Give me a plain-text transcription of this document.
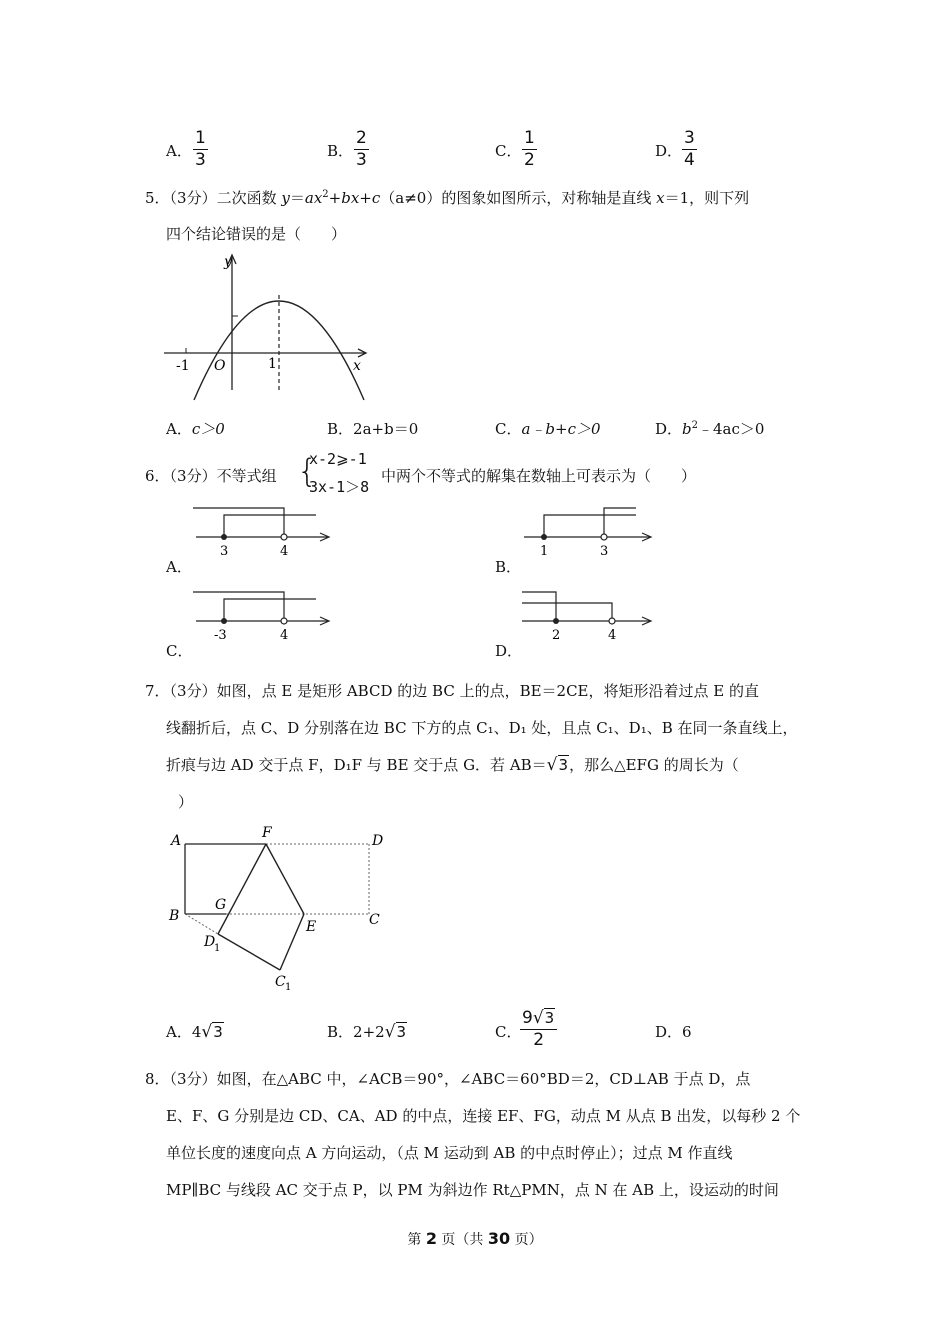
A．
1
3	B．
2
3	C．
1
2	D．
3
4
5．（3分）二次函数 $y=ax^2+bx+c(a\ne 0)$的图象如图所示，对称轴是直线 x＝1，则下列
四个结论错误的是（　　）
y
x
O
-1	1
A．c＞0	B．2a+b＝0	C．a﹣b+c＞0	D．$b^2﹣4ac>0$
6．（3分）不等式组 {
x-2⩾-1
3x-1＞8
中两个不等式的解集在数轴上可表示为（　　）
A．
3	4
B．
1	3
C．
-3	4
D．
2	4
7．（3分）如图，点 E 是矩形 ABCD 的边 BC 上的点，BE＝2CE，将矩形沿着过点 E 的直
线翻折后，点 C、D 分别落在边 BC 下方的点 C₁、D₁ 处，且点 C₁、D₁、B 在同一条直线上，
折痕与边 AD 交于点 F，D₁F 与 BE 交于点 G．若 AB＝√3，那么△EFG 的周长为（
）
A	F	D
B
G
E	C
D
1
C 1
A．4√3	B．2+2√3	C．
9√3
2	D．6
8．（3分）如图，在△ABC 中，∠ACB＝90°，∠ABC＝60°BD＝2，CD⊥AB 于点 D，点
E、F、G 分别是边 CD、CA、AD 的中点，连接 EF、FG，动点 M 从点 B 出发，以每秒 2 个
单位长度的速度向点 A 方向运动，（点 M 运动到 AB 的中点时停止）；过点 M 作直线
MP∥BC 与线段 AC 交于点 P，以 PM 为斜边作 Rt△PMN，点 N 在 AB 上，设运动的时间
第 2 页（共 30 页）
